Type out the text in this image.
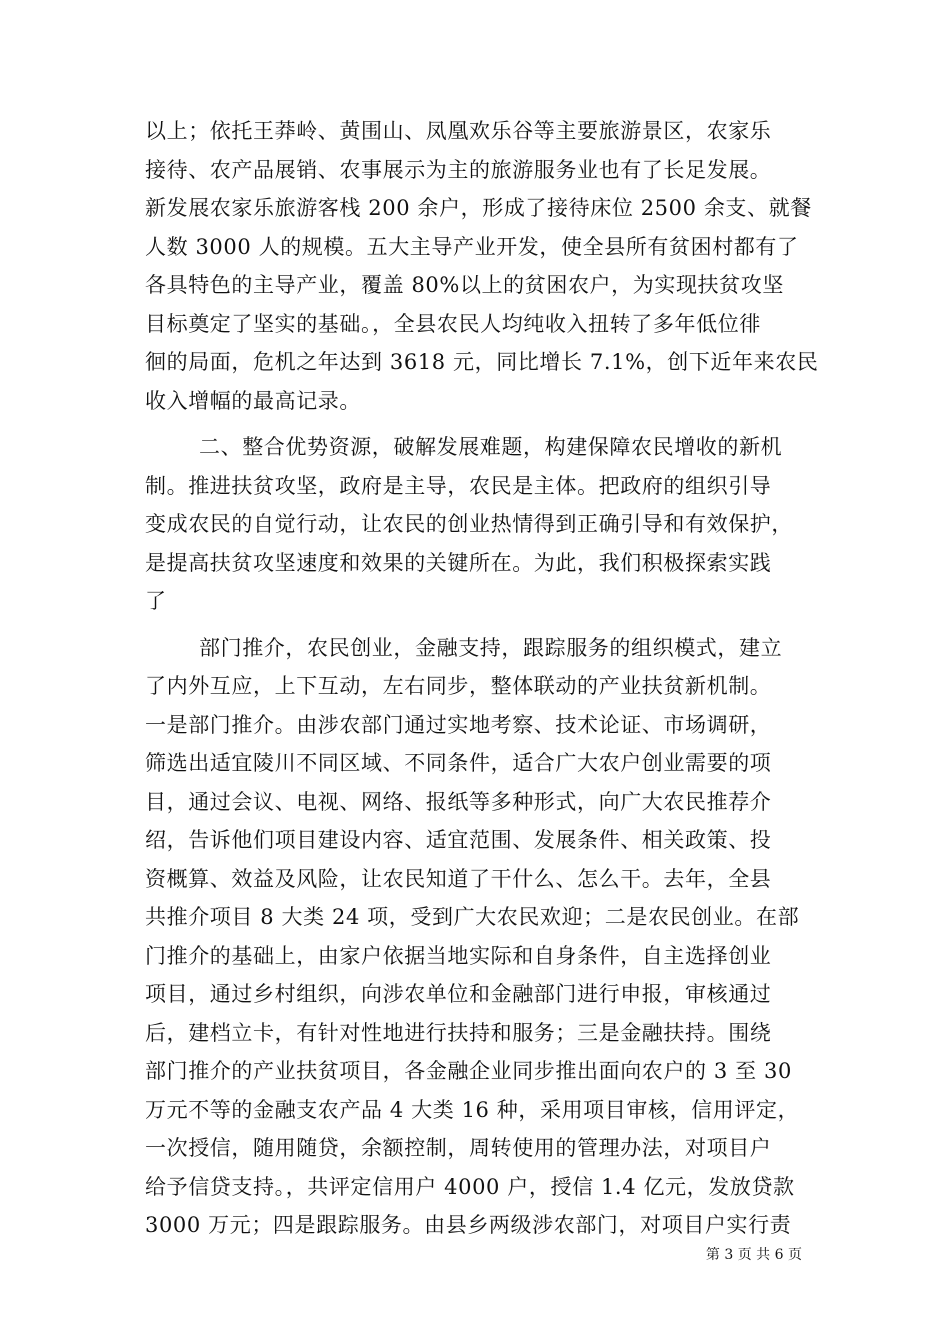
以上；依托王莽岭、黄围山、凤凰欢乐谷等主要旅游景区，农家乐
接待、农产品展销、农事展示为主的旅游服务业也有了长足发展。
新发展农家乐旅游客栈 200 余户，形成了接待床位 2500 余支、就餐
人数 3000 人的规模。五大主导产业开发，使全县所有贫困村都有了
各具特色的主导产业，覆盖 80%以上的贫困农户，为实现扶贫攻坚
目标奠定了坚实的基础。，全县农民人均纯收入扭转了多年低位徘
徊的局面，危机之年达到 3618 元，同比增长 7.1%，创下近年来农民
收入增幅的最高记录。
二、整合优势资源，破解发展难题，构建保障农民增收的新机
制。推进扶贫攻坚，政府是主导，农民是主体。把政府的组织引导
变成农民的自觉行动，让农民的创业热情得到正确引导和有效保护，
是提高扶贫攻坚速度和效果的关键所在。为此，我们积极探索实践
了
部门推介，农民创业，金融支持，跟踪服务的组织模式，建立
了内外互应，上下互动，左右同步，整体联动的产业扶贫新机制。
一是部门推介。由涉农部门通过实地考察、技术论证、市场调研，
筛选出适宜陵川不同区域、不同条件，适合广大农户创业需要的项
目，通过会议、电视、网络、报纸等多种形式，向广大农民推荐介
绍，告诉他们项目建设内容、适宜范围、发展条件、相关政策、投
资概算、效益及风险，让农民知道了干什么、怎么干。去年，全县
共推介项目 8 大类 24 项，受到广大农民欢迎；二是农民创业。在部
门推介的基础上，由家户依据当地实际和自身条件，自主选择创业
项目，通过乡村组织，向涉农单位和金融部门进行申报，审核通过
后，建档立卡，有针对性地进行扶持和服务；三是金融扶持。围绕
部门推介的产业扶贫项目，各金融企业同步推出面向农户的 3 至 30
万元不等的金融支农产品 4 大类 16 种，采用项目审核，信用评定，
一次授信，随用随贷，余额控制，周转使用的管理办法，对项目户
给予信贷支持。，共评定信用户 4000 户，授信 1.4 亿元，发放贷款
3000 万元；四是跟踪服务。由县乡两级涉农部门，对项目户实行责
第 3 页 共 6 页
